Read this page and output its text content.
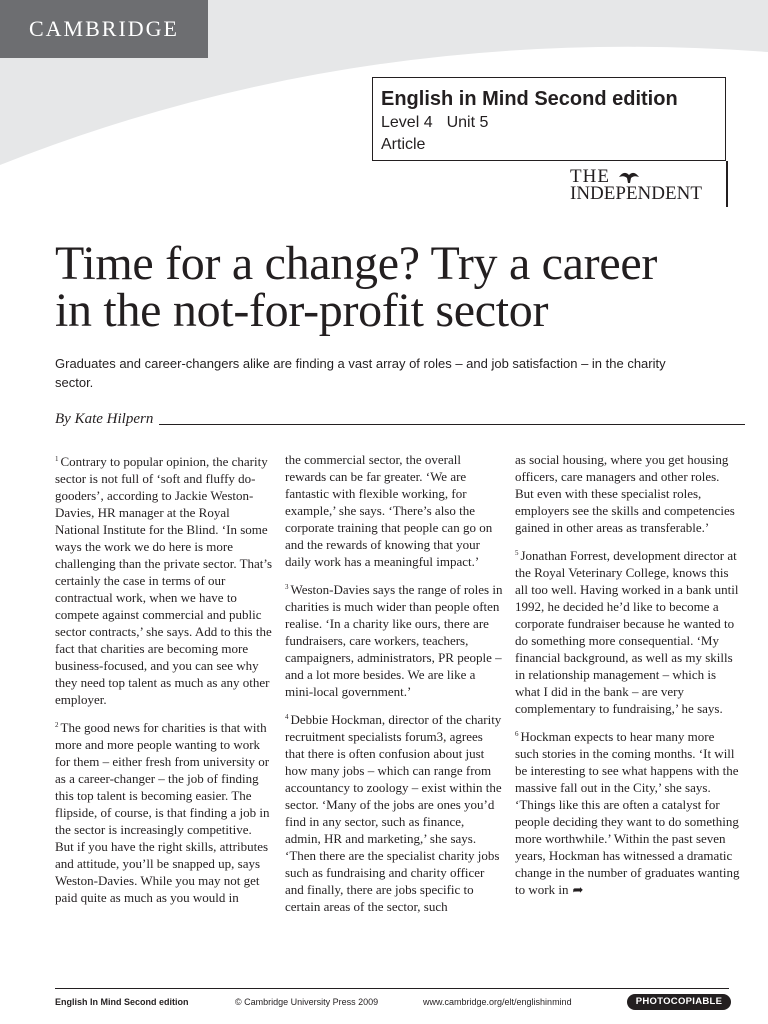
CAMBRIDGE
English in Mind Second edition
Level 4 Unit 5
Article
THE
INDEPENDENT
Time for a change? Try a career
in the not-for-profit sector

Graduates and career-changers alike are finding a vast array of roles – and job satisfaction – in the charity sector.

By Kate Hilpern

$^1$ Contrary to popular opinion, the charity sector is not full of ‘soft and fluffy do-gooders’, according to Jackie Weston-Davies, HR manager at the Royal National Institute for the Blind. ‘In some ways the work we do here is more challenging than the private sector. That’s certainly the case in terms of our contractual work, when we have to compete against commercial and public sector contracts,’ she says. Add to this the fact that charities are becoming more business-focused, and you can see why they need top talent as much as any other employer.

$^2$ The good news for charities is that with more and more people wanting to work for them – either fresh from university or as a career-changer – the job of finding this top talent is becoming easier. The flipside, of course, is that finding a job in the sector is increasingly competitive. But if you have the right skills, attributes and attitude, you’ll be snapped up, says Weston-Davies. While you may not get paid quite as much as you would in

the commercial sector, the overall rewards can be far greater. ‘We are fantastic with flexible working, for example,’ she says. ‘There’s also the corporate training that people can go on and the rewards of knowing that your daily work has a meaningful impact.’

$^3$ Weston-Davies says the range of roles in charities is much wider than people often realise. ‘In a charity like ours, there are fundraisers, care workers, teachers, campaigners, administrators, PR people – and a lot more besides. We are like a mini-local government.’

$^4$ Debbie Hockman, director of the charity recruitment specialists forum3, agrees that there is often confusion about just how many jobs – which can range from accountancy to zoology – exist within the sector. ‘Many of the jobs are ones you’d find in any sector, such as finance, admin, HR and marketing,’ she says. ‘Then there are the specialist charity jobs such as fundraising and charity officer and finally, there are jobs specific to certain areas of the sector, such

as social housing, where you get housing officers, care managers and other roles. But even with these specialist roles, employers see the skills and competencies gained in other areas as transferable.’

$^5$ Jonathan Forrest, development director at the Royal Veterinary College, knows this all too well. Having worked in a bank until 1992, he decided he’d like to become a corporate fundraiser because he wanted to do something more consequential. ‘My financial background, as well as my skills in relationship management – which is what I did in the bank – are very complementary to fundraising,’ he says.

$^6$ Hockman expects to hear many more such stories in the coming months. ‘It will be interesting to see what happens with the massive fall out in the City,’ she says. ‘Things like this are often a catalyst for people deciding they want to do something more worthwhile.’ Within the past seven years, Hockman has witnessed a dramatic change in the number of graduates wanting to work in ➦

English In Mind Second edition	© Cambridge University Press 2009	www.cambridge.org/elt/englishinmind	PHOTOCOPIABLE
